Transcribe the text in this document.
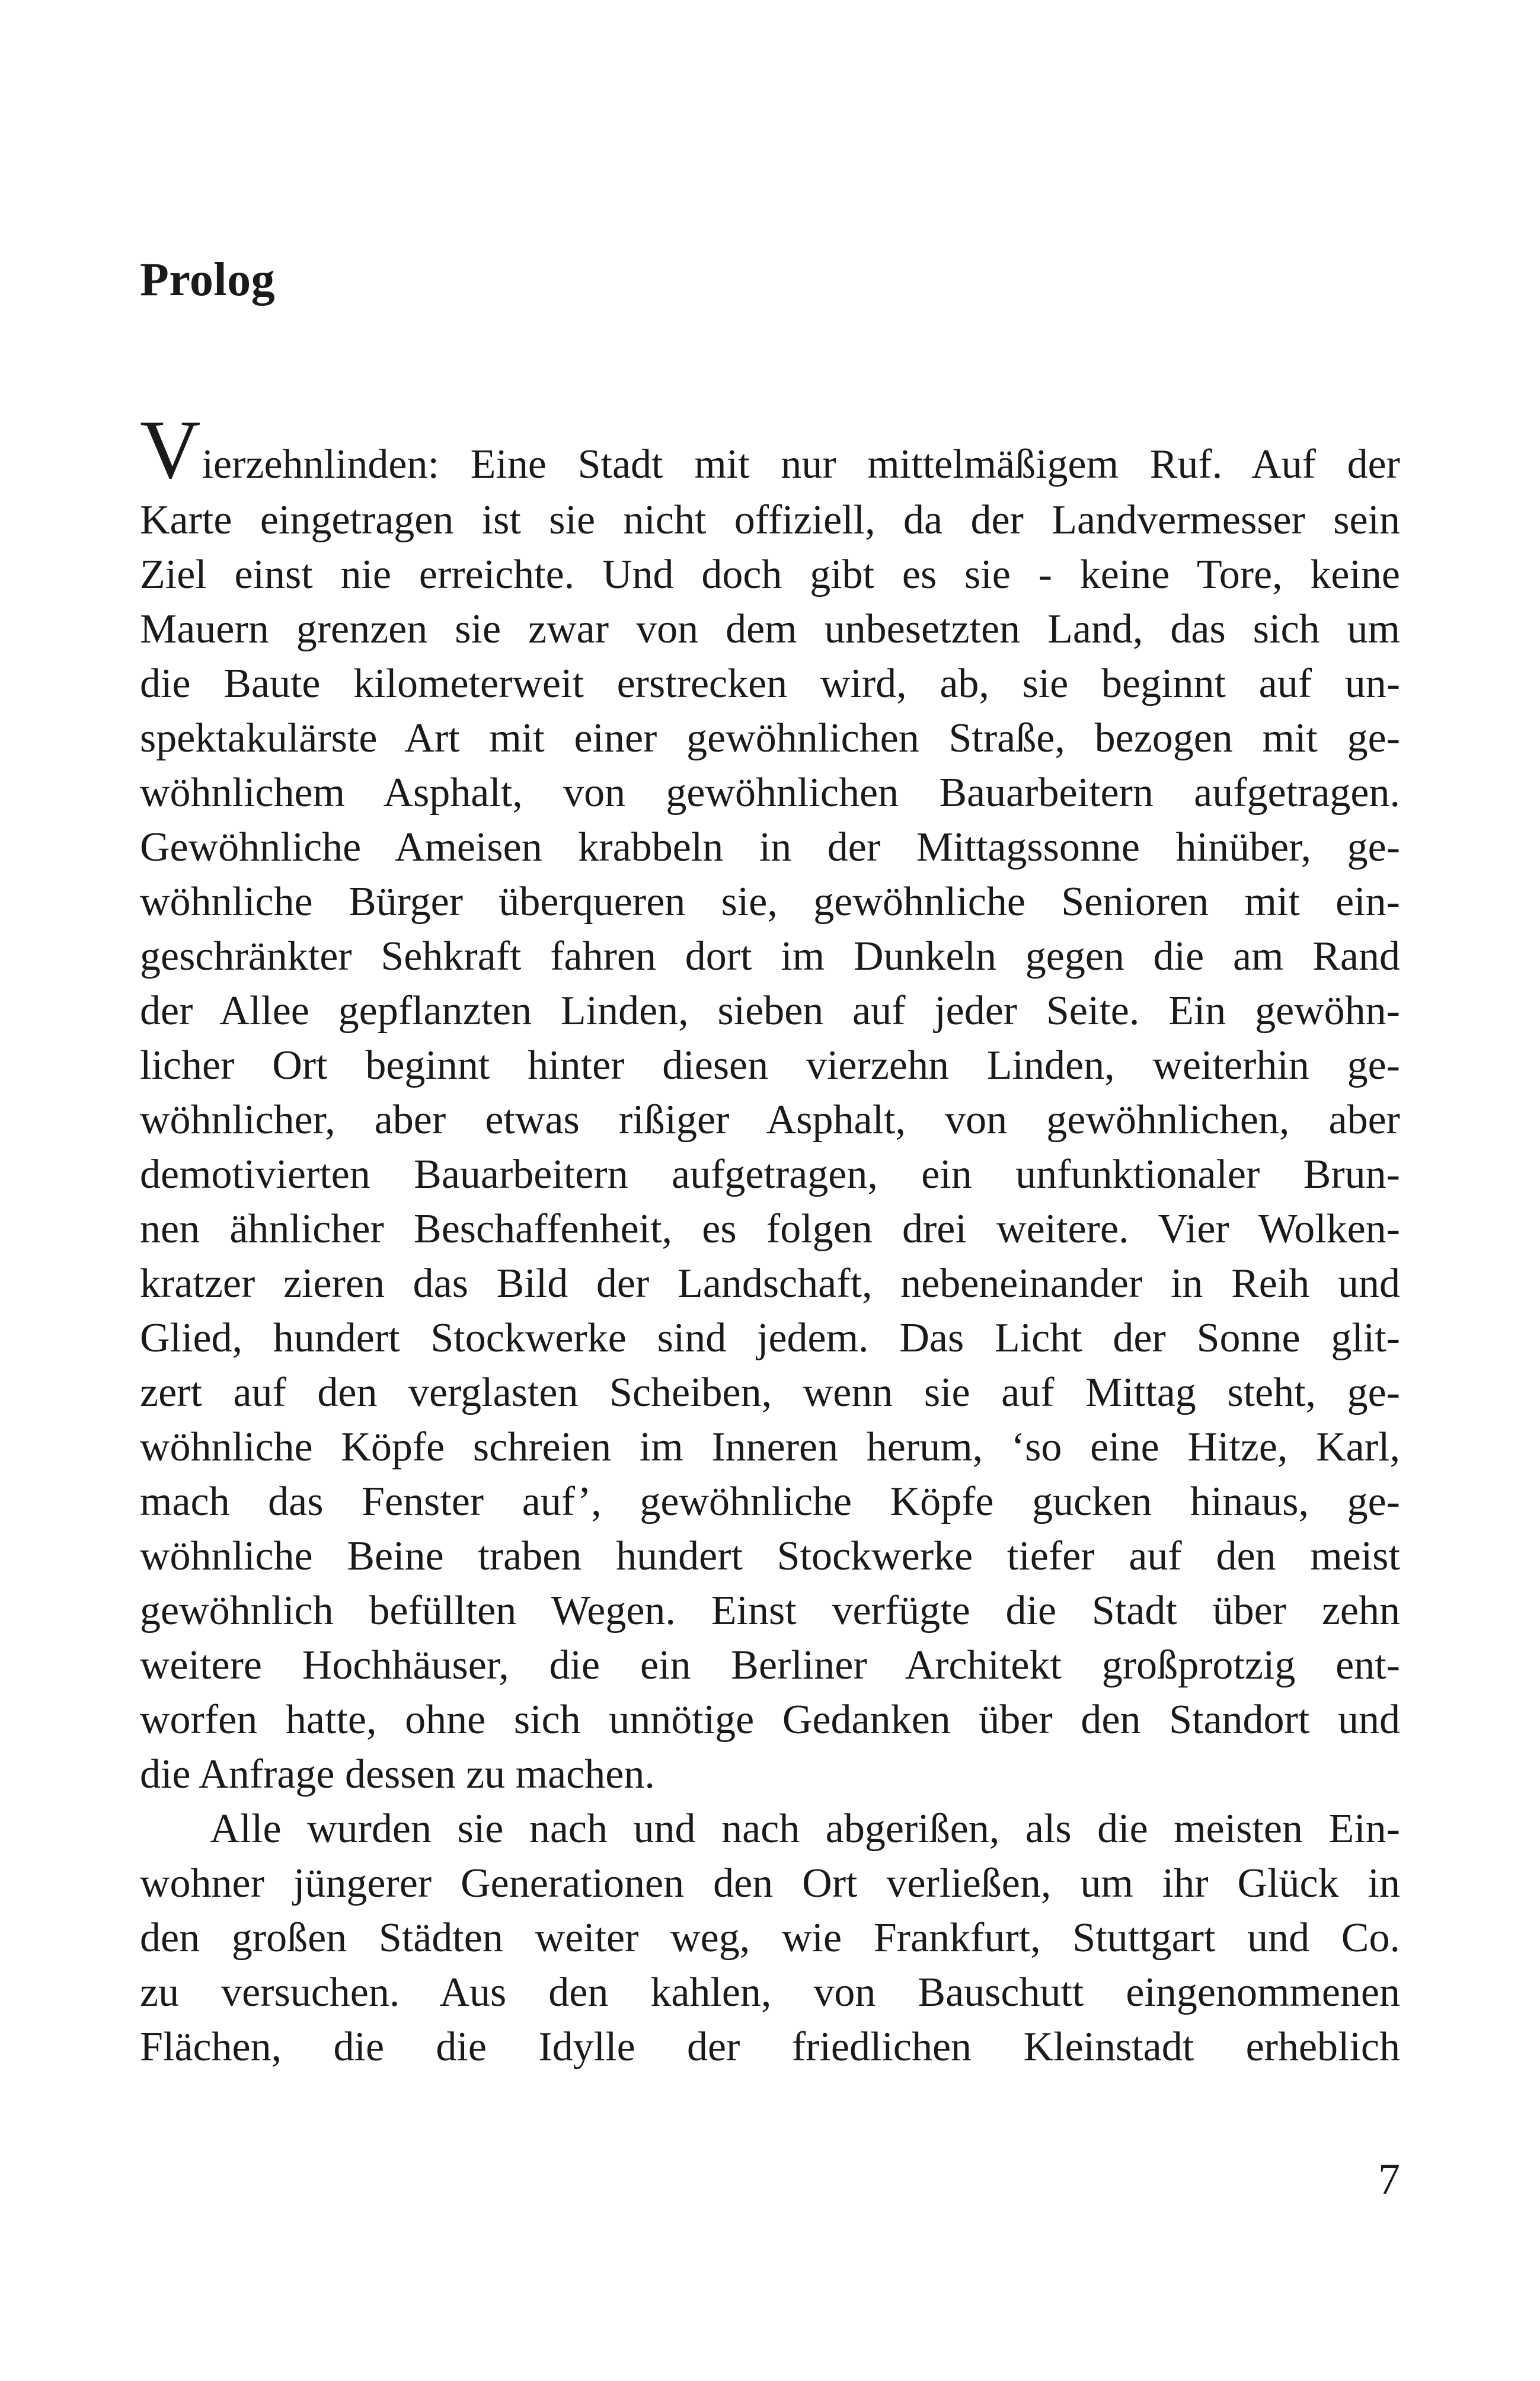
Prolog
Vierzehnlinden: Eine Stadt mit nur mittelmäßigem Ruf. Auf der
Karte eingetragen ist sie nicht offiziell, da der Landvermesser sein
Ziel einst nie erreichte. Und doch gibt es sie - keine Tore, keine
Mauern grenzen sie zwar von dem unbesetzten Land, das sich um
die Baute kilometerweit erstrecken wird, ab, sie beginnt auf un-
spektakulärste Art mit einer gewöhnlichen Straße, bezogen mit ge-
wöhnlichem Asphalt, von gewöhnlichen Bauarbeitern aufgetragen.
Gewöhnliche Ameisen krabbeln in der Mittagssonne hinüber, ge-
wöhnliche Bürger überqueren sie, gewöhnliche Senioren mit ein-
geschränkter Sehkraft fahren dort im Dunkeln gegen die am Rand
der Allee gepflanzten Linden, sieben auf jeder Seite. Ein gewöhn-
licher Ort beginnt hinter diesen vierzehn Linden, weiterhin ge-
wöhnlicher, aber etwas rißiger Asphalt, von gewöhnlichen, aber
demotivierten Bauarbeitern aufgetragen, ein unfunktionaler Brun-
nen ähnlicher Beschaffenheit, es folgen drei weitere. Vier Wolken-
kratzer zieren das Bild der Landschaft, nebeneinander in Reih und
Glied, hundert Stockwerke sind jedem. Das Licht der Sonne glit-
zert auf den verglasten Scheiben, wenn sie auf Mittag steht, ge-
wöhnliche Köpfe schreien im Inneren herum, ‘so eine Hitze, Karl,
mach das Fenster auf’, gewöhnliche Köpfe gucken hinaus, ge-
wöhnliche Beine traben hundert Stockwerke tiefer auf den meist
gewöhnlich befüllten Wegen. Einst verfügte die Stadt über zehn
weitere Hochhäuser, die ein Berliner Architekt großprotzig ent-
worfen hatte, ohne sich unnötige Gedanken über den Standort und
die Anfrage dessen zu machen.
Alle wurden sie nach und nach abgerißen, als die meisten Ein-
wohner jüngerer Generationen den Ort verließen, um ihr Glück in
den großen Städten weiter weg, wie Frankfurt, Stuttgart und Co.
zu versuchen. Aus den kahlen, von Bauschutt eingenommenen
Flächen, die die Idylle der friedlichen Kleinstadt erheblich
7
